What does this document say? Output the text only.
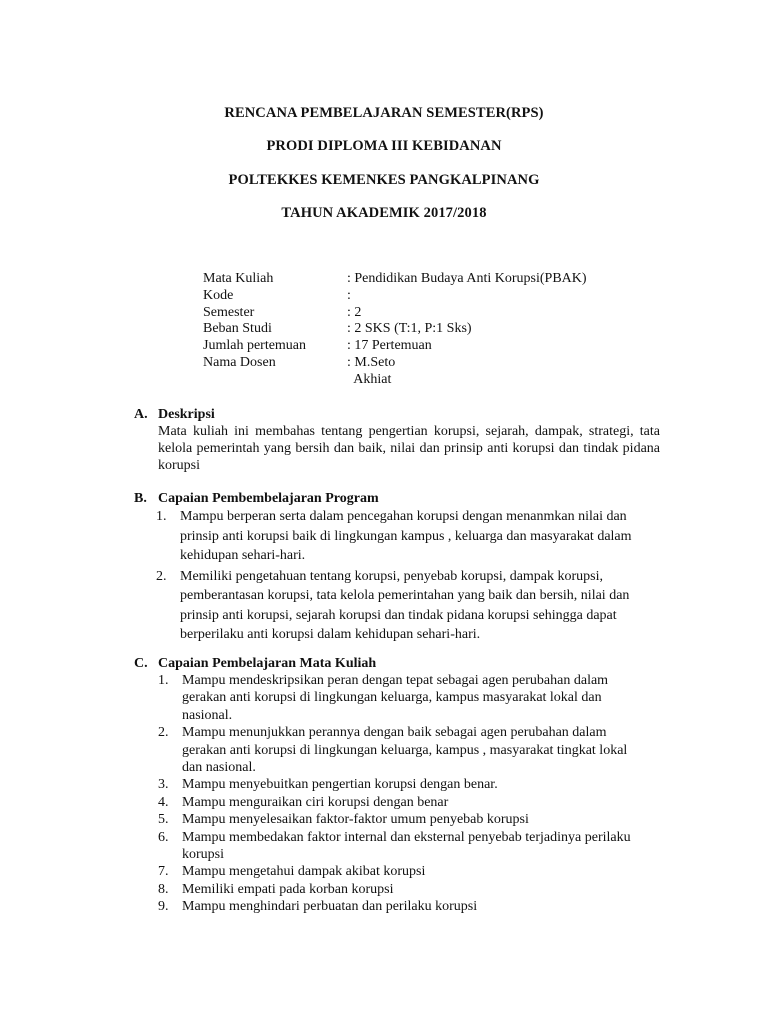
RENCANA PEMBELAJARAN SEMESTER(RPS)
PRODI DIPLOMA III KEBIDANAN
POLTEKKES KEMENKES PANGKALPINANG
TAHUN AKADEMIK 2017/2018
Mata Kuliah	: Pendidikan Budaya Anti Korupsi(PBAK)
Kode	:
Semester	: 2
Beban Studi	: 2 SKS (T:1, P:1 Sks)
Jumlah pertemuan	: 17 Pertemuan
Nama Dosen	: M.Seto
Akhiat
A. Deskripsi
Mata kuliah ini membahas tentang pengertian korupsi, sejarah, dampak, strategi, tata kelola pemerintah yang bersih dan baik, nilai dan prinsip anti korupsi dan tindak pidana korupsi
B. Capaian Pembembelajaran Program
1. Mampu berperan serta dalam pencegahan korupsi dengan menanmkan nilai dan prinsip anti korupsi baik di lingkungan kampus , keluarga dan masyarakat dalam kehidupan sehari-hari.
2. Memiliki pengetahuan tentang korupsi, penyebab korupsi, dampak korupsi, pemberantasan korupsi, tata kelola pemerintahan yang baik dan bersih, nilai dan prinsip anti korupsi, sejarah korupsi dan tindak pidana korupsi sehingga dapat berperilaku anti korupsi dalam kehidupan sehari-hari.
C. Capaian Pembelajaran Mata Kuliah
1. Mampu mendeskripsikan peran dengan tepat sebagai agen perubahan dalam gerakan anti korupsi di lingkungan keluarga, kampus masyarakat lokal dan nasional.
2. Mampu menunjukkan perannya dengan baik sebagai agen perubahan dalam gerakan anti korupsi di lingkungan keluarga, kampus , masyarakat tingkat lokal dan nasional.
3. Mampu menyebuitkan pengertian korupsi dengan benar.
4. Mampu menguraikan ciri korupsi dengan benar
5. Mampu menyelesaikan faktor-faktor umum penyebab korupsi
6. Mampu membedakan faktor internal dan eksternal penyebab terjadinya perilaku korupsi
7. Mampu mengetahui dampak akibat korupsi
8. Memiliki empati pada korban korupsi
9. Mampu menghindari perbuatan dan perilaku korupsi
